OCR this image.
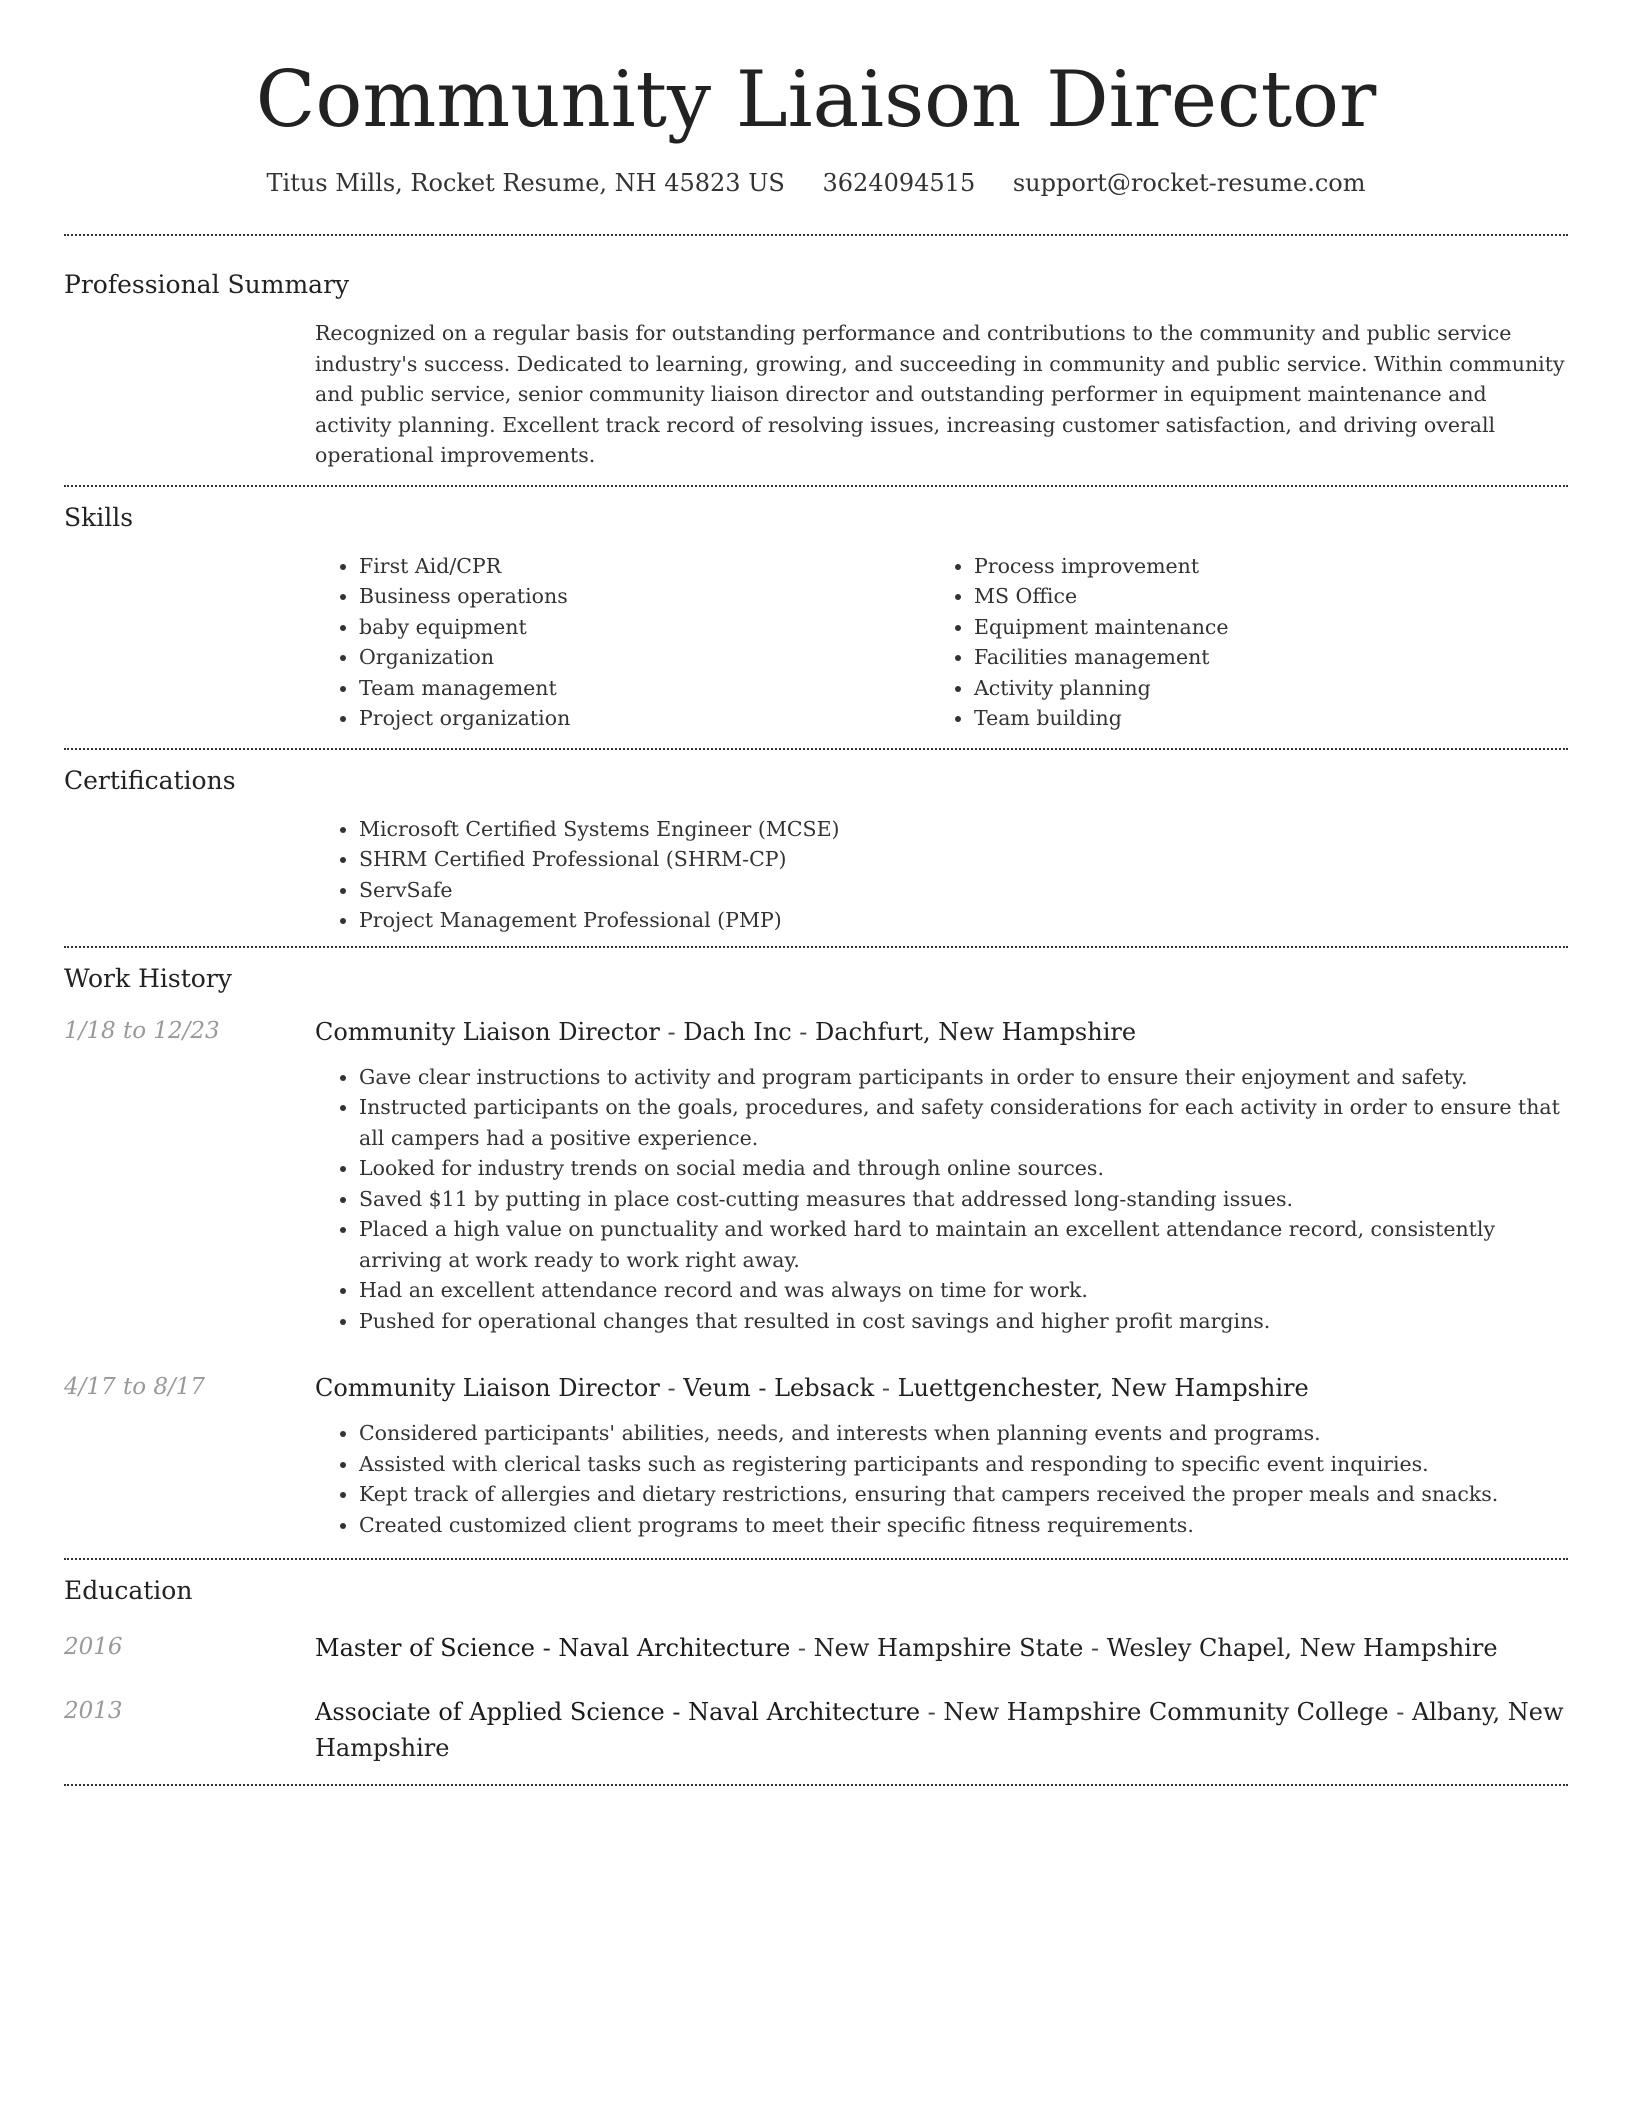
Community Liaison Director
Titus Mills, Rocket Resume, NH 45823 US 3624094515 support@rocket-resume.com
Professional Summary

Recognized on a regular basis for outstanding performance and contributions to the community and public service industry's success. Dedicated to learning, growing, and succeeding in community and public service. Within community and public service, senior community liaison director and outstanding performer in equipment maintenance and activity planning. Excellent track record of resolving issues, increasing customer satisfaction, and driving overall operational improvements.

Skills
• First Aid/CPR
• Business operations
• baby equipment
• Organization
• Team management
• Project organization
• Process improvement
• MS Office
• Equipment maintenance
• Facilities management
• Activity planning
• Team building
Certifications
• Microsoft Certified Systems Engineer (MCSE)
• SHRM Certified Professional (SHRM-CP)
• ServSafe
• Project Management Professional (PMP)
Work History
1/18 to 12/23	Community Liaison Director - Dach Inc - Dachfurt, New Hampshire
• Gave clear instructions to activity and program participants in order to ensure their enjoyment and safety.
• Instructed participants on the goals, procedures, and safety considerations for each activity in order to ensure that all campers had a positive experience.
• Looked for industry trends on social media and through online sources.
• Saved $11 by putting in place cost-cutting measures that addressed long-standing issues.
• Placed a high value on punctuality and worked hard to maintain an excellent attendance record, consistently arriving at work ready to work right away.
• Had an excellent attendance record and was always on time for work.
• Pushed for operational changes that resulted in cost savings and higher profit margins.
4/17 to 8/17	Community Liaison Director - Veum - Lebsack - Luettgenchester, New Hampshire
• Considered participants' abilities, needs, and interests when planning events and programs.
• Assisted with clerical tasks such as registering participants and responding to specific event inquiries.
• Kept track of allergies and dietary restrictions, ensuring that campers received the proper meals and snacks.
• Created customized client programs to meet their specific fitness requirements.
Education
2016	Master of Science - Naval Architecture - New Hampshire State - Wesley Chapel, New Hampshire
2013	Associate of Applied Science - Naval Architecture - New Hampshire Community College - Albany, New Hampshire
